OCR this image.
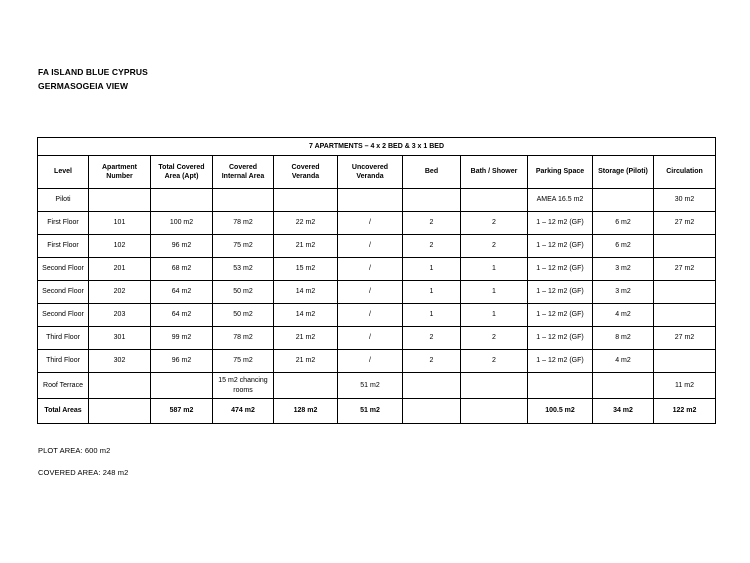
FA ISLAND BLUE CYPRUS
GERMASOGEIA VIEW
7 APARTMENTS – 4 x 2 BED & 3 x 1 BED										
Level	Apartment Number	Total Covered Area (Apt)	Covered Internal Area	Covered Veranda	Uncovered Veranda	Bed	Bath / Shower	Parking Space	Storage (Piloti)	Circulation
Piloti								AMEA 16.5 m2		30 m2
First Floor	101	100 m2	78 m2	22 m2	/	2	2	1 – 12 m2 (GF)	6 m2	27 m2
First Floor	102	96 m2	75 m2	21 m2	/	2	2	1 – 12 m2 (GF)	6 m2	
Second Floor	201	68 m2	53 m2	15 m2	/	1	1	1 – 12 m2 (GF)	3 m2	27 m2
Second Floor	202	64 m2	50 m2	14 m2	/	1	1	1 – 12 m2 (GF)	3 m2	
Second Floor	203	64 m2	50 m2	14 m2	/	1	1	1 – 12 m2 (GF)	4 m2	
Third Floor	301	99 m2	78 m2	21 m2	/	2	2	1 – 12 m2 (GF)	8 m2	27 m2
Third Floor	302	96 m2	75 m2	21 m2	/	2	2	1 – 12 m2 (GF)	4 m2	
Roof Terrace			15 m2 chancing rooms		51 m2					11 m2
Total Areas		587 m2	474 m2	128 m2	51 m2			100.5 m2	34 m2	122 m2
PLOT AREA: 600 m2
COVERED AREA: 248 m2
